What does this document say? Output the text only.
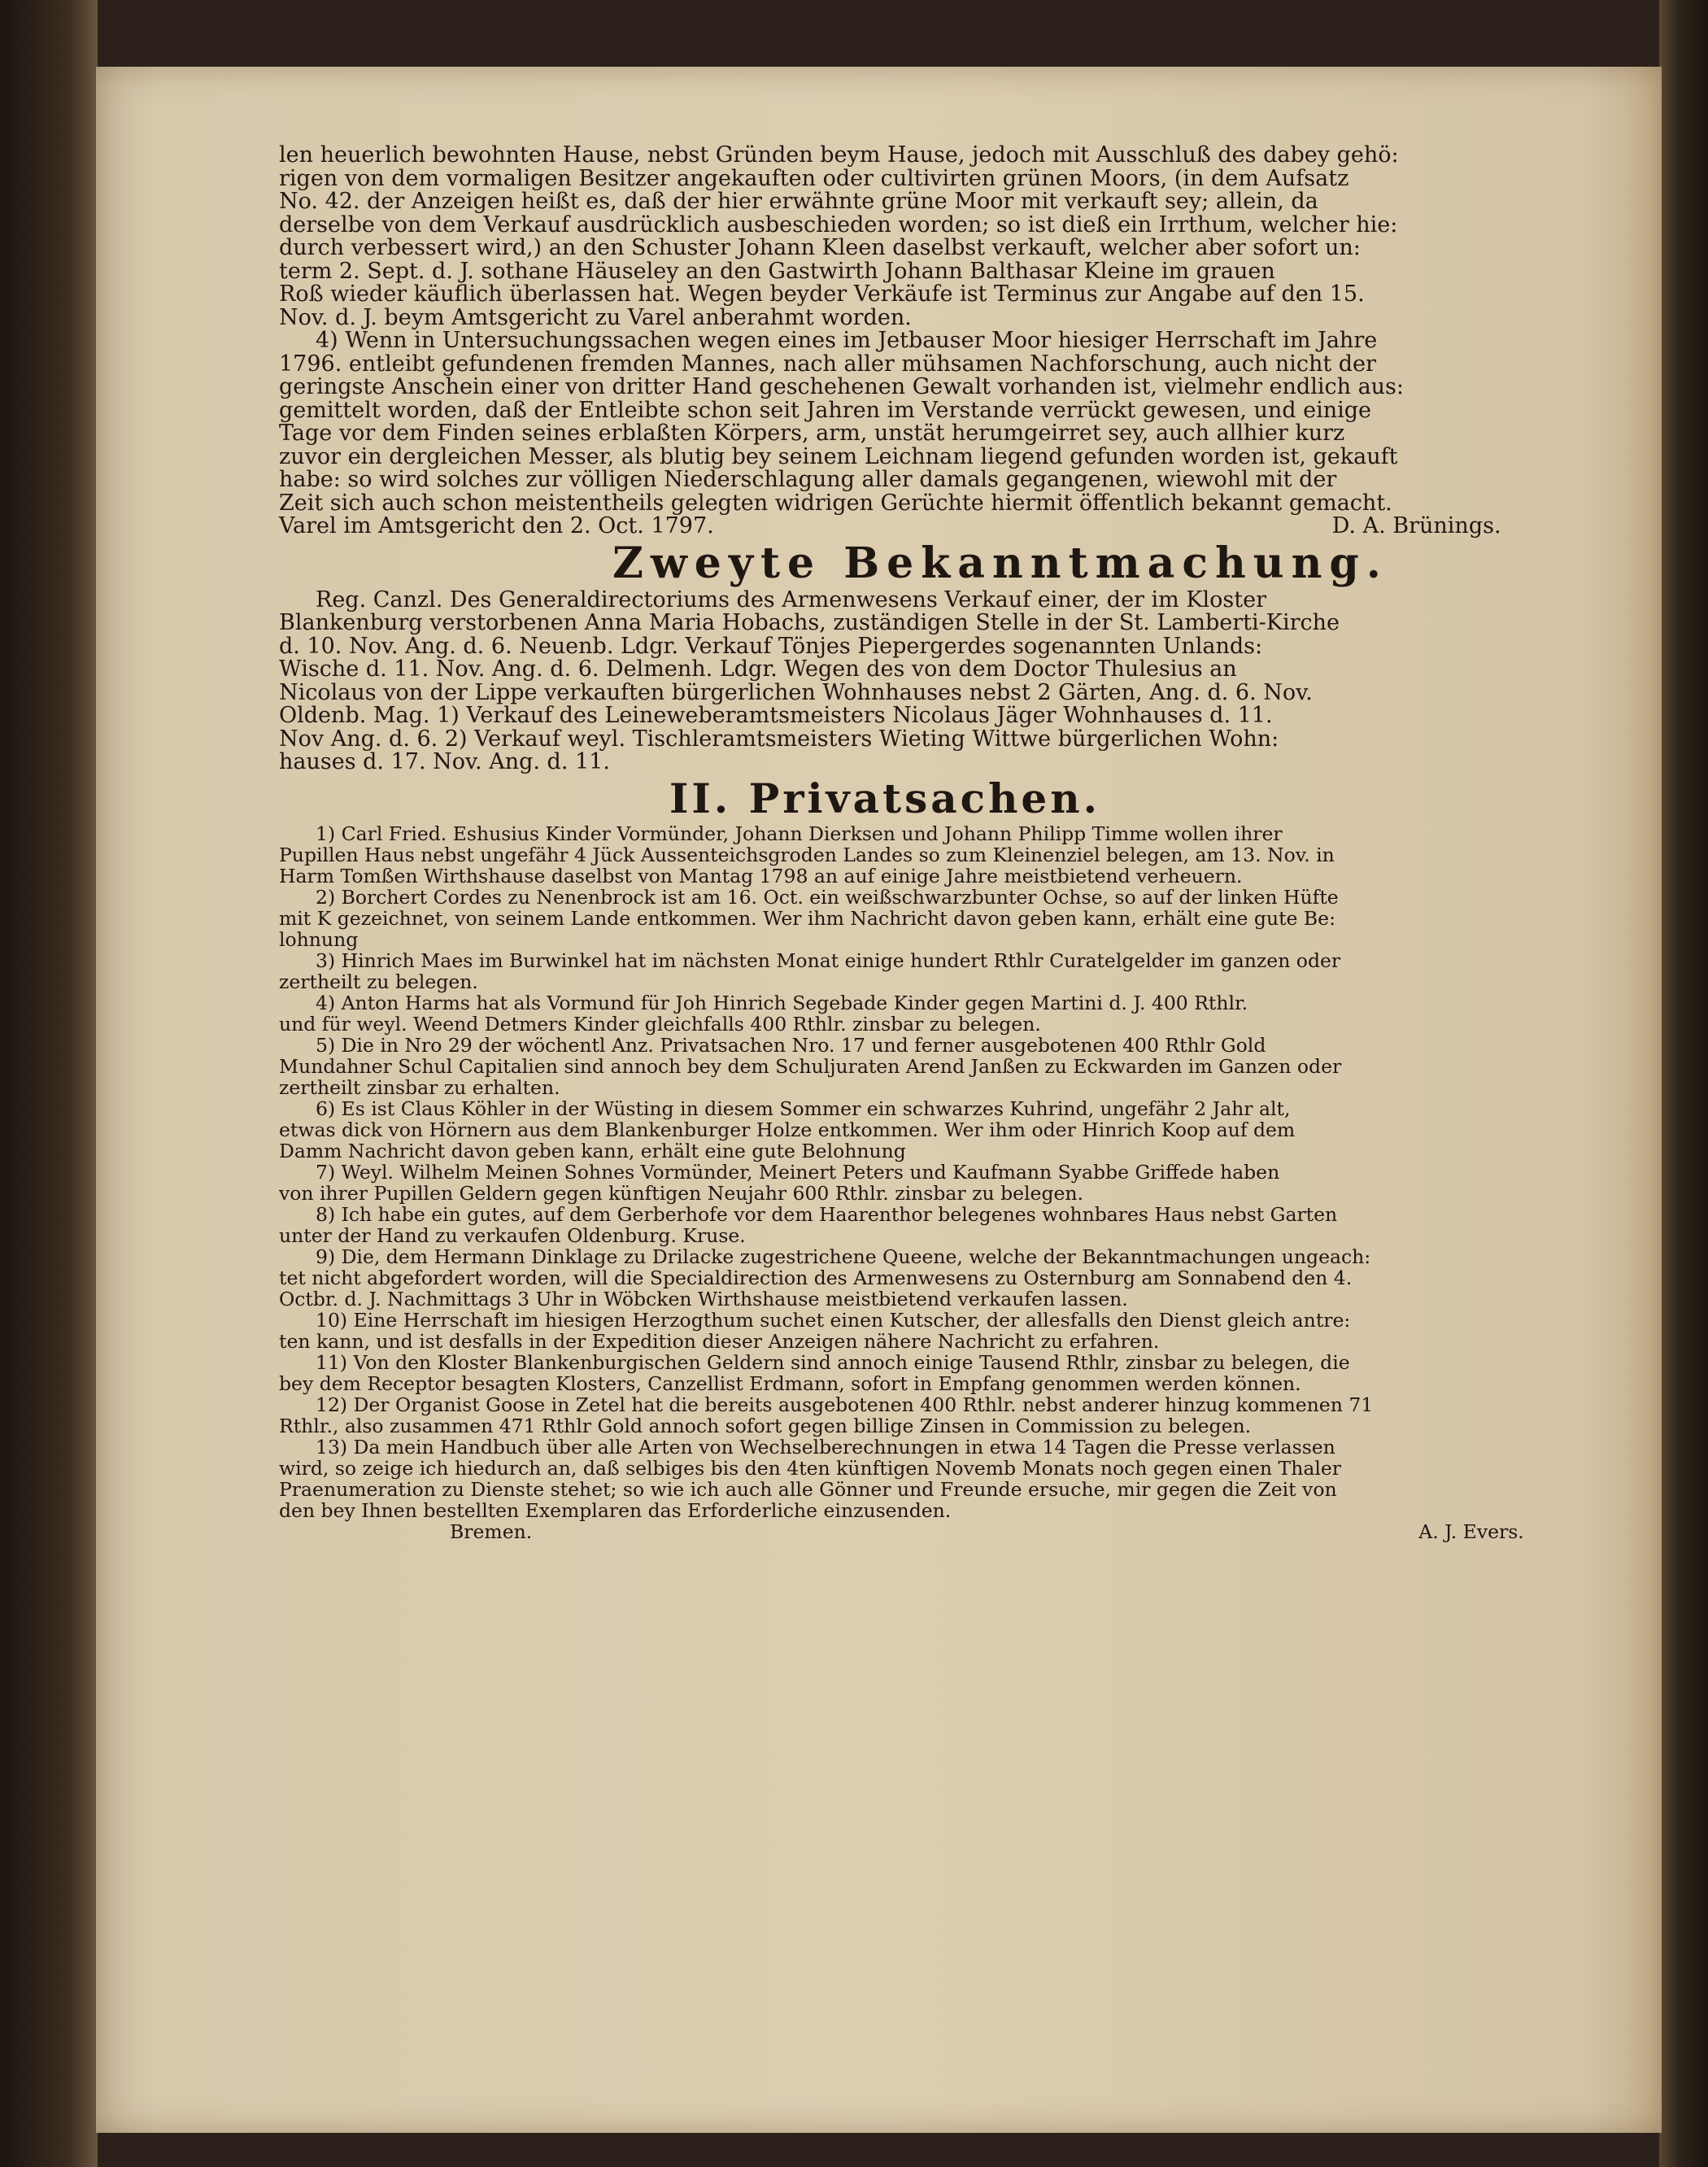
len heuerlich bewohnten Hause, nebst Gründen beym Hause, jedoch mit Ausschluß des dabey gehö:

rigen von dem vormaligen Besitzer angekauften oder cultivirten grünen Moors, (in dem Aufsatz

No. 42. der Anzeigen heißt es, daß der hier erwähnte grüne Moor mit verkauft sey; allein, da

derselbe von dem Verkauf ausdrücklich ausbeschieden worden; so ist dieß ein Irrthum, welcher hie:

durch verbessert wird,) an den Schuster Johann Kleen daselbst verkauft, welcher aber sofort un:

term 2. Sept. d. J. sothane Häuseley an den Gastwirth Johann Balthasar Kleine im grauen

Roß wieder käuflich überlassen hat. Wegen beyder Verkäufe ist Terminus zur Angabe auf den 15.

Nov. d. J. beym Amtsgericht zu Varel anberahmt worden.

4) Wenn in Untersuchungssachen wegen eines im Jetbauser Moor hiesiger Herrschaft im Jahre

1796. entleibt gefundenen fremden Mannes, nach aller mühsamen Nachforschung, auch nicht der

geringste Anschein einer von dritter Hand geschehenen Gewalt vorhanden ist, vielmehr endlich aus:

gemittelt worden, daß der Entleibte schon seit Jahren im Verstande verrückt gewesen, und einige

Tage vor dem Finden seines erblaßten Körpers, arm, unstät herumgeirret sey, auch allhier kurz

zuvor ein dergleichen Messer, als blutig bey seinem Leichnam liegend gefunden worden ist, gekauft

habe: so wird solches zur völligen Niederschlagung aller damals gegangenen, wiewohl mit der

Zeit sich auch schon meistentheils gelegten widrigen Gerüchte hiermit öffentlich bekannt gemacht.

Varel im Amtsgericht den 2. Oct. 1797.	D. A. Brünings.

Zweyte Bekanntmachung.

Reg. Canzl. Des Generaldirectoriums des Armenwesens Verkauf einer, der im Kloster

Blankenburg verstorbenen Anna Maria Hobachs, zuständigen Stelle in der St. Lamberti-Kirche

d. 10. Nov. Ang. d. 6. Neuenb. Ldgr. Verkauf Tönjes Piepergerdes sogenannten Unlands:

Wische d. 11. Nov. Ang. d. 6. Delmenh. Ldgr. Wegen des von dem Doctor Thulesius an

Nicolaus von der Lippe verkauften bürgerlichen Wohnhauses nebst 2 Gärten, Ang. d. 6. Nov.

Oldenb. Mag. 1) Verkauf des Leineweberamtsmeisters Nicolaus Jäger Wohnhauses d. 11.

Nov Ang. d. 6. 2) Verkauf weyl. Tischleramtsmeisters Wieting Wittwe bürgerlichen Wohn:

hauses d. 17. Nov. Ang. d. 11.

II. Privatsachen.

1) Carl Fried. Eshusius Kinder Vormünder, Johann Dierksen und Johann Philipp Timme wollen ihrer

Pupillen Haus nebst ungefähr 4 Jück Aussenteichsgroden Landes so zum Kleinenziel belegen, am 13. Nov. in

Harm Tomßen Wirthshause daselbst von Mantag 1798 an auf einige Jahre meistbietend verheuern.

2) Borchert Cordes zu Nenenbrock ist am 16. Oct. ein weißschwarzbunter Ochse, so auf der linken Hüfte

mit K gezeichnet, von seinem Lande entkommen. Wer ihm Nachricht davon geben kann, erhält eine gute Be:

lohnung

3) Hinrich Maes im Burwinkel hat im nächsten Monat einige hundert Rthlr Curatelgelder im ganzen oder

zertheilt zu belegen.

4) Anton Harms hat als Vormund für Joh Hinrich Segebade Kinder gegen Martini d. J. 400 Rthlr.

und für weyl. Weend Detmers Kinder gleichfalls 400 Rthlr. zinsbar zu belegen.

5) Die in Nro 29 der wöchentl Anz. Privatsachen Nro. 17 und ferner ausgebotenen 400 Rthlr Gold

Mundahner Schul Capitalien sind annoch bey dem Schuljuraten Arend Janßen zu Eckwarden im Ganzen oder

zertheilt zinsbar zu erhalten.

6) Es ist Claus Köhler in der Wüsting in diesem Sommer ein schwarzes Kuhrind, ungefähr 2 Jahr alt,

etwas dick von Hörnern aus dem Blankenburger Holze entkommen. Wer ihm oder Hinrich Koop auf dem

Damm Nachricht davon geben kann, erhält eine gute Belohnung

7) Weyl. Wilhelm Meinen Sohnes Vormünder, Meinert Peters und Kaufmann Syabbe Griffede haben

von ihrer Pupillen Geldern gegen künftigen Neujahr 600 Rthlr. zinsbar zu belegen.

8) Ich habe ein gutes, auf dem Gerberhofe vor dem Haarenthor belegenes wohnbares Haus nebst Garten

unter der Hand zu verkaufen Oldenburg. Kruse.

9) Die, dem Hermann Dinklage zu Drilacke zugestrichene Queene, welche der Bekanntmachungen ungeach:

tet nicht abgefordert worden, will die Specialdirection des Armenwesens zu Osternburg am Sonnabend den 4.

Octbr. d. J. Nachmittags 3 Uhr in Wöbcken Wirthshause meistbietend verkaufen lassen.

10) Eine Herrschaft im hiesigen Herzogthum suchet einen Kutscher, der allesfalls den Dienst gleich antre:

ten kann, und ist desfalls in der Expedition dieser Anzeigen nähere Nachricht zu erfahren.

11) Von den Kloster Blankenburgischen Geldern sind annoch einige Tausend Rthlr, zinsbar zu belegen, die

bey dem Receptor besagten Klosters, Canzellist Erdmann, sofort in Empfang genommen werden können.

12) Der Organist Goose in Zetel hat die bereits ausgebotenen 400 Rthlr. nebst anderer hinzug kommenen 71

Rthlr., also zusammen 471 Rthlr Gold annoch sofort gegen billige Zinsen in Commission zu belegen.

13) Da mein Handbuch über alle Arten von Wechselberechnungen in etwa 14 Tagen die Presse verlassen

wird, so zeige ich hiedurch an, daß selbiges bis den 4ten künftigen Novemb Monats noch gegen einen Thaler

Praenumeration zu Dienste stehet; so wie ich auch alle Gönner und Freunde ersuche, mir gegen die Zeit von

den bey Ihnen bestellten Exemplaren das Erforderliche einzusenden.

Bremen.	A. J. Evers.
